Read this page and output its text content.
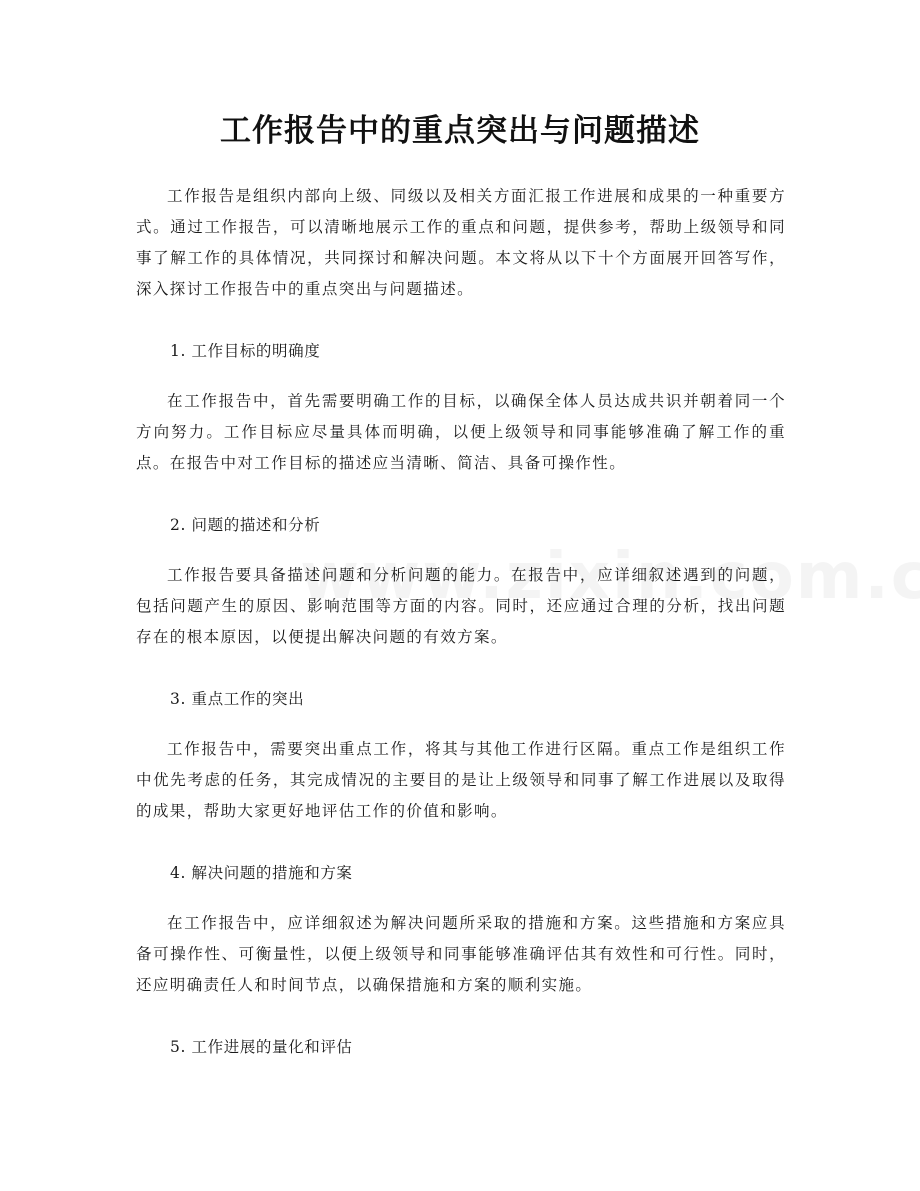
工作报告中的重点突出与问题描述

工作报告是组织内部向上级、同级以及相关方面汇报工作进展和成果的一种重要方式。通过工作报告，可以清晰地展示工作的重点和问题，提供参考，帮助上级领导和同事了解工作的具体情况，共同探讨和解决问题。本文将从以下十个方面展开回答写作，深入探讨工作报告中的重点突出与问题描述。

1. 工作目标的明确度

在工作报告中，首先需要明确工作的目标，以确保全体人员达成共识并朝着同一个方向努力。工作目标应尽量具体而明确，以便上级领导和同事能够准确了解工作的重点。在报告中对工作目标的描述应当清晰、简洁、具备可操作性。

2. 问题的描述和分析

工作报告要具备描述问题和分析问题的能力。在报告中，应详细叙述遇到的问题，包括问题产生的原因、影响范围等方面的内容。同时，还应通过合理的分析，找出问题存在的根本原因，以便提出解决问题的有效方案。

3. 重点工作的突出

工作报告中，需要突出重点工作，将其与其他工作进行区隔。重点工作是组织工作中优先考虑的任务，其完成情况的主要目的是让上级领导和同事了解工作进展以及取得的成果，帮助大家更好地评估工作的价值和影响。

4. 解决问题的措施和方案

在工作报告中，应详细叙述为解决问题所采取的措施和方案。这些措施和方案应具备可操作性、可衡量性，以便上级领导和同事能够准确评估其有效性和可行性。同时，还应明确责任人和时间节点，以确保措施和方案的顺利实施。

5. 工作进展的量化和评估
